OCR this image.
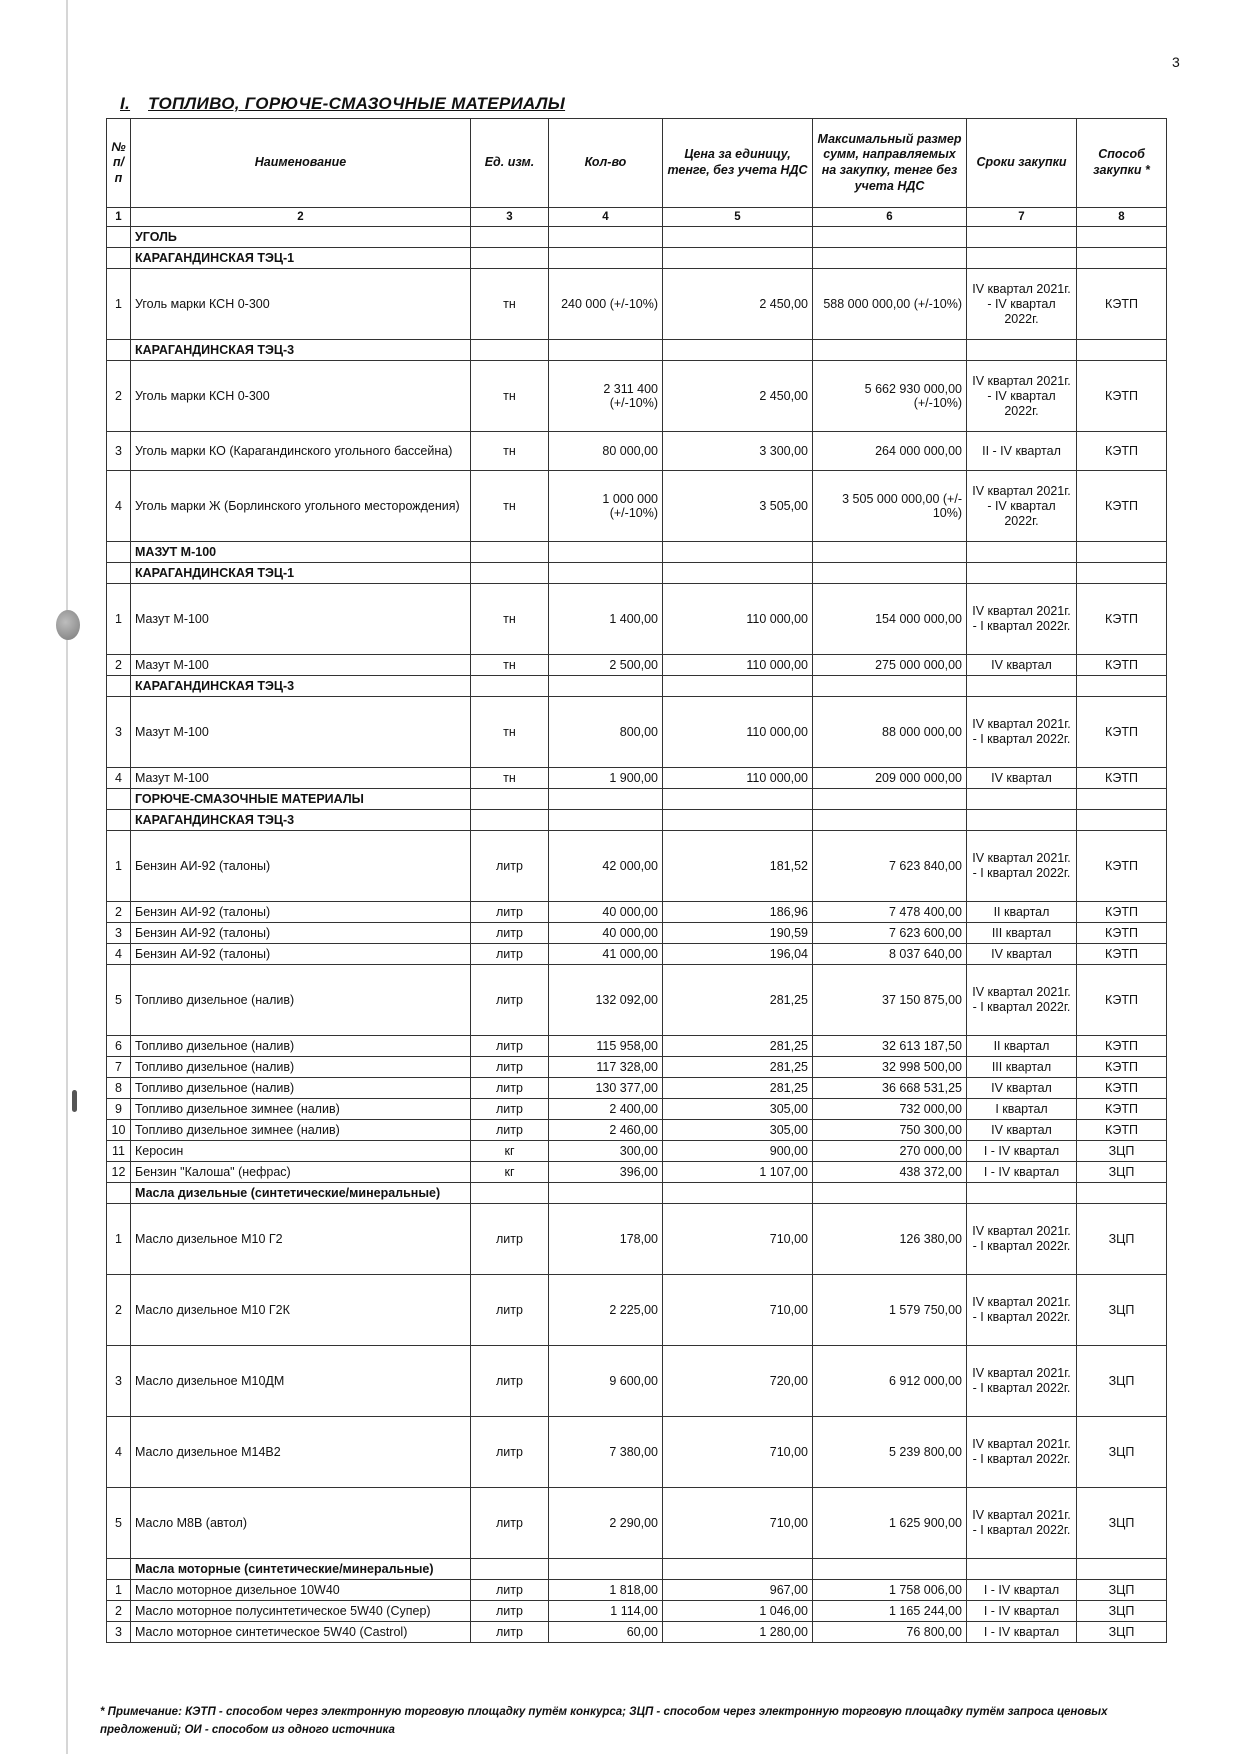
3
I. ТОПЛИВО, ГОРЮЧЕ-СМАЗОЧНЫЕ МАТЕРИАЛЫ
№ п/п	Наименование	Ед. изм.	Кол-во	Цена за единицу, тенге, без учета НДС	Максимальный размер сумм, направляемых на закупку, тенге без учета НДС	Сроки закупки	Способ закупки *
1	2	3	4	5	6	7	8
	УГОЛЬ						
	КАРАГАНДИНСКАЯ ТЭЦ-1						
1	Уголь марки КСН 0-300	тн	240 000 (+/-10%)	2 450,00	588 000 000,00 (+/-10%)	IV квартал 2021г. - IV квартал 2022г.	КЭТП
	КАРАГАНДИНСКАЯ ТЭЦ-3						
2	Уголь марки КСН 0-300	тн	2 311 400 (+/-10%)	2 450,00	5 662 930 000,00 (+/-10%)	IV квартал 2021г. - IV квартал 2022г.	КЭТП
3	Уголь марки КО (Карагандинского угольного бассейна)	тн	80 000,00	3 300,00	264 000 000,00	II - IV квартал	КЭТП
4	Уголь марки Ж (Борлинского угольного месторождения)	тн	1 000 000 (+/-10%)	3 505,00	3 505 000 000,00 (+/- 10%)	IV квартал 2021г. - IV квартал 2022г.	КЭТП
	МАЗУТ М-100						
	КАРАГАНДИНСКАЯ ТЭЦ-1						
1	Мазут М-100	тн	1 400,00	110 000,00	154 000 000,00	IV квартал 2021г. - I квартал 2022г.	КЭТП
2	Мазут М-100	тн	2 500,00	110 000,00	275 000 000,00	IV квартал	КЭТП
	КАРАГАНДИНСКАЯ ТЭЦ-3						
3	Мазут М-100	тн	800,00	110 000,00	88 000 000,00	IV квартал 2021г. - I квартал 2022г.	КЭТП
4	Мазут М-100	тн	1 900,00	110 000,00	209 000 000,00	IV квартал	КЭТП
	ГОРЮЧЕ-СМАЗОЧНЫЕ МАТЕРИАЛЫ						
	КАРАГАНДИНСКАЯ ТЭЦ-3						
1	Бензин АИ-92 (талоны)	литр	42 000,00	181,52	7 623 840,00	IV квартал 2021г. - I квартал 2022г.	КЭТП
2	Бензин АИ-92 (талоны)	литр	40 000,00	186,96	7 478 400,00	II квартал	КЭТП
3	Бензин АИ-92 (талоны)	литр	40 000,00	190,59	7 623 600,00	III квартал	КЭТП
4	Бензин АИ-92 (талоны)	литр	41 000,00	196,04	8 037 640,00	IV квартал	КЭТП
5	Топливо дизельное (налив)	литр	132 092,00	281,25	37 150 875,00	IV квартал 2021г. - I квартал 2022г.	КЭТП
6	Топливо дизельное (налив)	литр	115 958,00	281,25	32 613 187,50	II квартал	КЭТП
7	Топливо дизельное (налив)	литр	117 328,00	281,25	32 998 500,00	III квартал	КЭТП
8	Топливо дизельное (налив)	литр	130 377,00	281,25	36 668 531,25	IV квартал	КЭТП
9	Топливо дизельное зимнее (налив)	литр	2 400,00	305,00	732 000,00	I квартал	КЭТП
10	Топливо дизельное зимнее (налив)	литр	2 460,00	305,00	750 300,00	IV квартал	КЭТП
11	Керосин	кг	300,00	900,00	270 000,00	I - IV квартал	ЗЦП
12	Бензин "Калоша" (нефрас)	кг	396,00	1 107,00	438 372,00	I - IV квартал	ЗЦП
	Масла дизельные (синтетические/минеральные)						
1	Масло дизельное М10 Г2	литр	178,00	710,00	126 380,00	IV квартал 2021г. - I квартал 2022г.	ЗЦП
2	Масло дизельное М10 Г2К	литр	2 225,00	710,00	1 579 750,00	IV квартал 2021г. - I квартал 2022г.	ЗЦП
3	Масло дизельное М10ДМ	литр	9 600,00	720,00	6 912 000,00	IV квартал 2021г. - I квартал 2022г.	ЗЦП
4	Масло дизельное М14В2	литр	7 380,00	710,00	5 239 800,00	IV квартал 2021г. - I квартал 2022г.	ЗЦП
5	Масло М8В (автол)	литр	2 290,00	710,00	1 625 900,00	IV квартал 2021г. - I квартал 2022г.	ЗЦП
	Масла моторные (синтетические/минеральные)						
1	Масло моторное дизельное 10W40	литр	1 818,00	967,00	1 758 006,00	I - IV квартал	ЗЦП
2	Масло моторное полусинтетическое 5W40 (Супер)	литр	1 114,00	1 046,00	1 165 244,00	I - IV квартал	ЗЦП
3	Масло моторное синтетическое 5W40 (Castrol)	литр	60,00	1 280,00	76 800,00	I - IV квартал	ЗЦП
* Примечание: КЭТП - способом через электронную торговую площадку путём конкурса; ЗЦП - способом через электронную торговую площадку путём запроса ценовых предложений; ОИ - способом из одного источника
